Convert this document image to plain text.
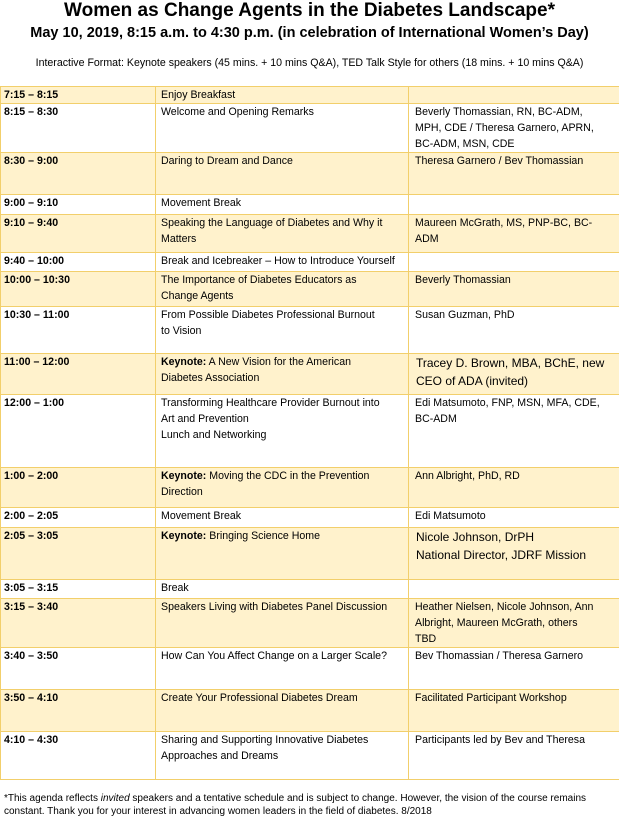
Women as Change Agents in the Diabetes Landscape*
May 10, 2019, 8:15 a.m. to 4:30 p.m. (in celebration of International Women’s Day)
Interactive Format: Keynote speakers (45 mins. + 10 mins Q&A), TED Talk Style for others (18 mins. + 10 mins Q&A)
7:15 – 8:15	Enjoy Breakfast	
8:15 – 8:30	Welcome and Opening Remarks	Beverly Thomassian, RN, BC-ADM,
MPH, CDE / Theresa Garnero, APRN,
BC-ADM, MSN, CDE
8:30 – 9:00	Daring to Dream and Dance	Theresa Garnero / Bev Thomassian
9:00 – 9:10	Movement Break	
9:10 – 9:40	Speaking the Language of Diabetes and Why it
Matters	Maureen McGrath, MS, PNP-BC, BC-
ADM
9:40 – 10:00	Break and Icebreaker – How to Introduce Yourself	
10:00 – 10:30	The Importance of Diabetes Educators as
Change Agents	Beverly Thomassian
10:30 – 11:00	From Possible Diabetes Professional Burnout
to Vision	Susan Guzman, PhD
11:00 – 12:00	Keynote: A New Vision for the American
Diabetes Association	Tracey D. Brown, MBA, BChE, new
CEO of ADA (invited)
12:00 – 1:00	Transforming Healthcare Provider Burnout into
Art and Prevention
Lunch and Networking	Edi Matsumoto, FNP, MSN, MFA, CDE,
BC-ADM
1:00 – 2:00	Keynote: Moving the CDC in the Prevention
Direction	Ann Albright, PhD, RD
2:00 – 2:05	Movement Break	Edi Matsumoto
2:05 – 3:05	Keynote: Bringing Science Home	Nicole Johnson, DrPH
National Director, JDRF Mission
3:05 – 3:15	Break	
3:15 – 3:40	Speakers Living with Diabetes Panel Discussion	Heather Nielsen, Nicole Johnson, Ann
Albright, Maureen McGrath, others
TBD
3:40 – 3:50	How Can You Affect Change on a Larger Scale?	Bev Thomassian / Theresa Garnero
3:50 – 4:10	Create Your Professional Diabetes Dream	Facilitated Participant Workshop
4:10 – 4:30	Sharing and Supporting Innovative Diabetes
Approaches and Dreams	Participants led by Bev and Theresa
*This agenda reflects invited speakers and a tentative schedule and is subject to change. However, the vision of the course remains constant. Thank you for your interest in advancing women leaders in the field of diabetes. 8/2018
